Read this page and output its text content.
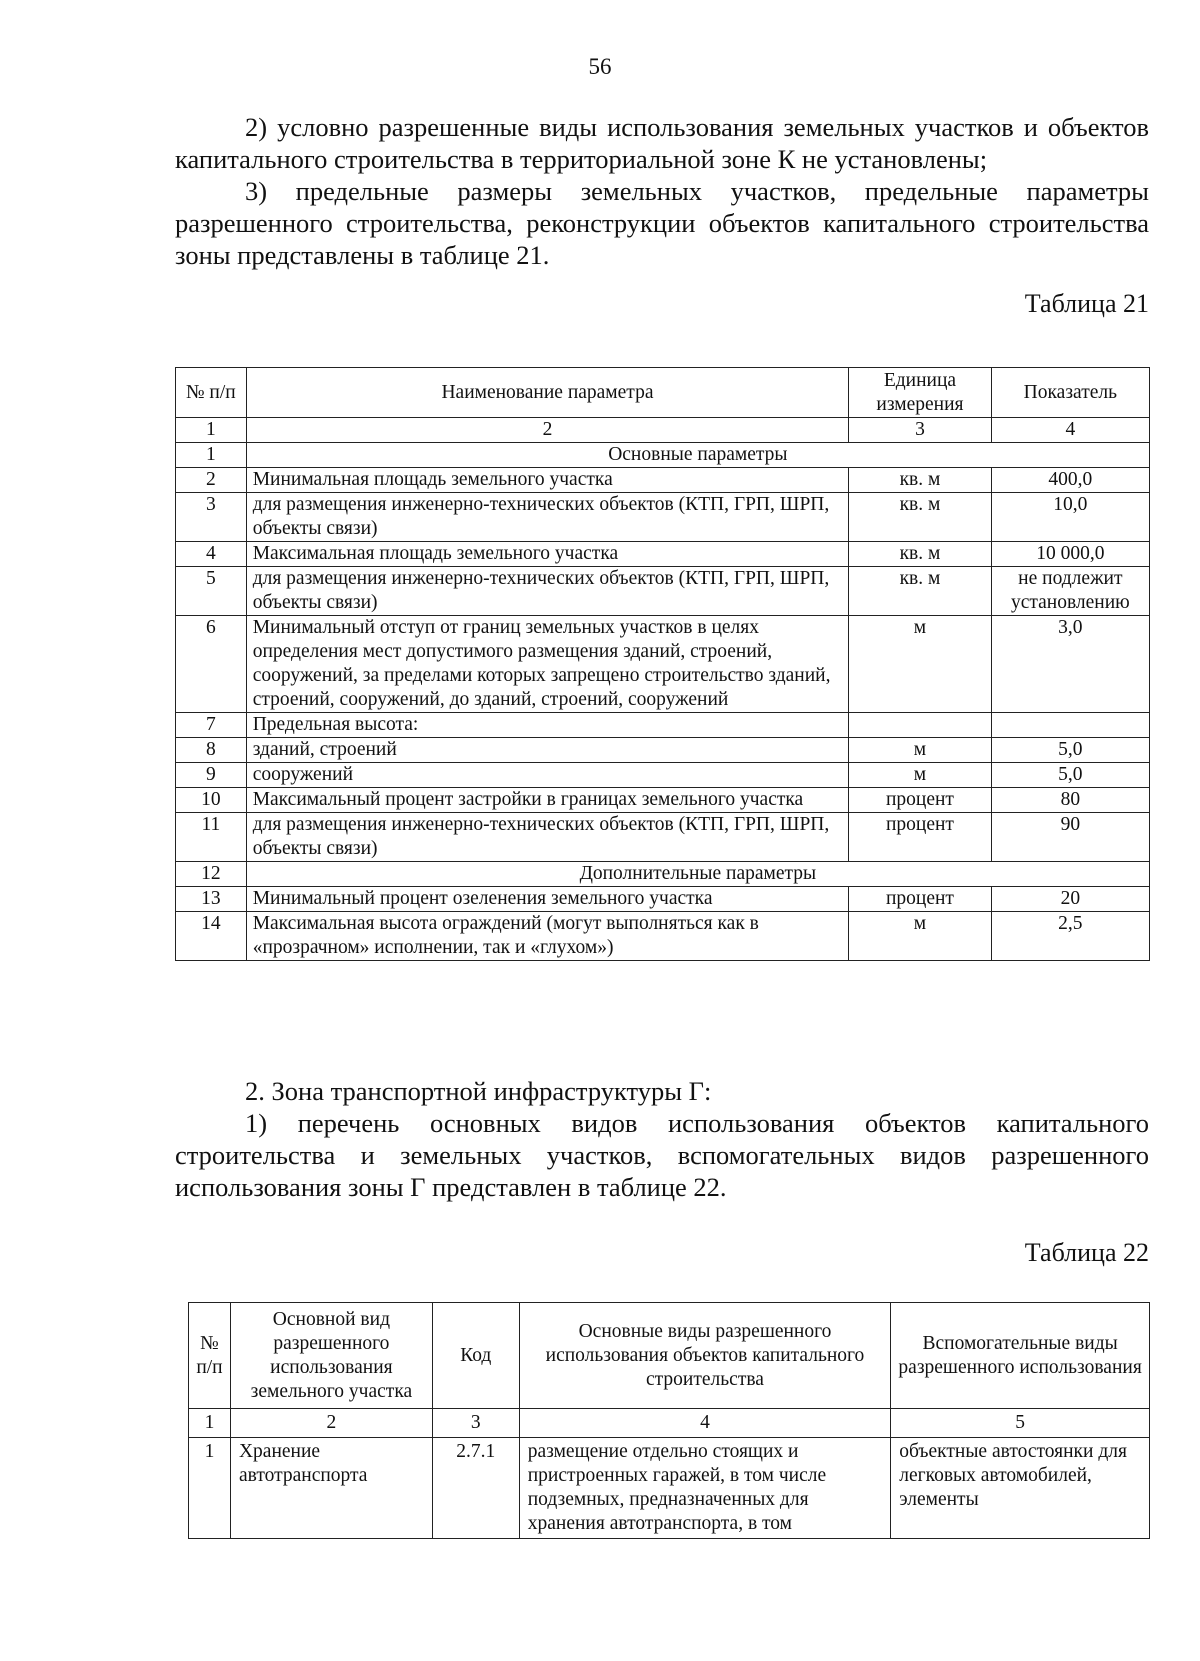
56

2) условно разрешенные виды использования земельных участков и объектов капитального строительства в территориальной зоне К не установлены;

3) предельные размеры земельных участков, предельные параметры разрешенного строительства, реконструкции объектов капитального строительства зоны представлены в таблице 21.

Таблица 21
№ п/п	Наименование параметра	Единица измерения	Показатель
1	2	3	4
1	Основные параметры		
2	Минимальная площадь земельного участка	кв. м	400,0
3	для размещения инженерно-технических объектов (КТП, ГРП, ШРП, объекты связи)	кв. м	10,0
4	Максимальная площадь земельного участка	кв. м	10 000,0
5	для размещения инженерно-технических объектов (КТП, ГРП, ШРП, объекты связи)	кв. м	не подлежит установлению
6	Минимальный отступ от границ земельных участков в целях определения мест допустимого размещения зданий, строений, сооружений, за пределами которых запрещено строительство зданий, строений, сооружений, до зданий, строений, сооружений	м	3,0
7	Предельная высота:		
8	зданий, строений	м	5,0
9	сооружений	м	5,0
10	Максимальный процент застройки в границах земельного участка	процент	80
11	для размещения инженерно-технических объектов (КТП, ГРП, ШРП, объекты связи)	процент	90
12	Дополнительные параметры		
13	Минимальный процент озеленения земельного участка	процент	20
14	Максимальная высота ограждений (могут выполняться как в «прозрачном» исполнении, так и «глухом»)	м	2,5

2. Зона транспортной инфраструктуры Г:

1) перечень основных видов использования объектов капитального строительства и земельных участков, вспомогательных видов разрешенного использования зоны Г представлен в таблице 22.

Таблица 22
№ п/п	Основной вид разрешенного использования земельного участка	Код	Основные виды разрешенного использования объектов капитального строительства	Вспомогательные виды разрешенного использования
1	2	3	4	5
1	Хранение автотранспорта	2.7.1	размещение отдельно стоящих и пристроенных гаражей, в том числе подземных, предназначенных для хранения автотранспорта, в том	объектные автостоянки для легковых автомобилей, элементы
